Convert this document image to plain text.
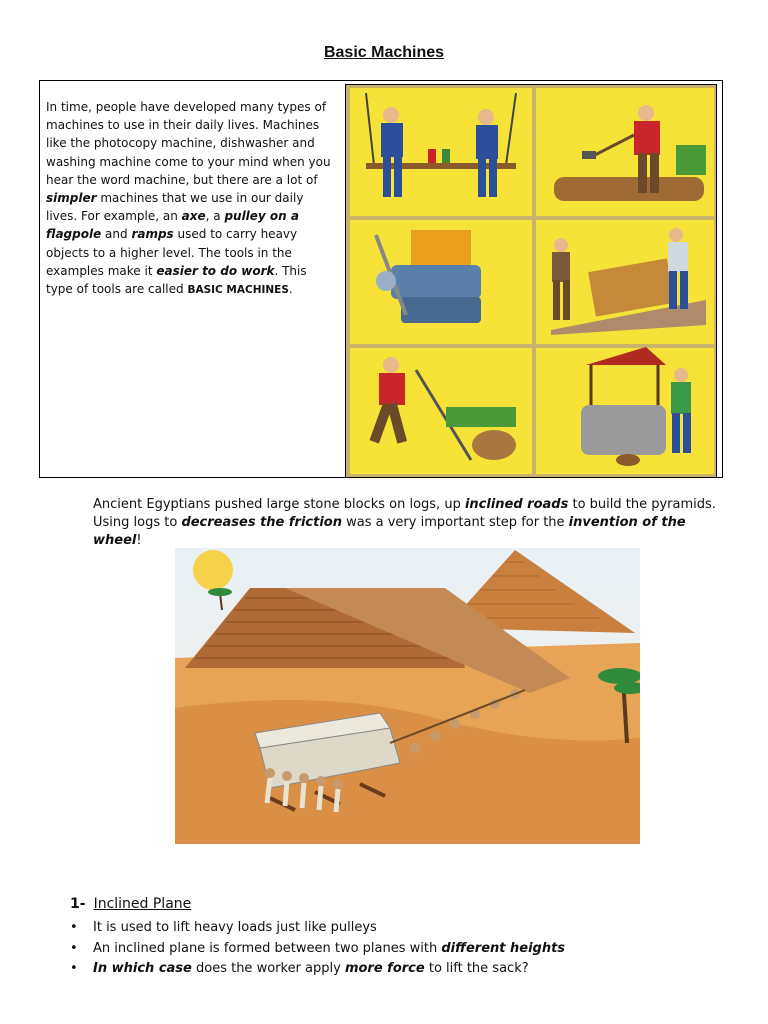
Basic Machines
In time, people have developed many types of machines to use in their daily lives. Machines like the photocopy machine, dishwasher and washing machine come to your mind when you hear the word machine, but there are a lot of simpler machines that we use in our daily lives. For example, an axe, a pulley on a flagpole and ramps used to carry heavy objects to a higher level. The tools in the examples make it easier to do work. This type of tools are called BASIC MACHINES.
Ancient Egyptians pushed large stone blocks on logs, up inclined roads to build the pyramids. Using logs to decreases the friction was a very important step for the invention of the wheel!
1- Inclined Plane
• It is used to lift heavy loads just like pulleys
• An inclined plane is formed between two planes with different heights
• In which case does the worker apply more force to lift the sack?
